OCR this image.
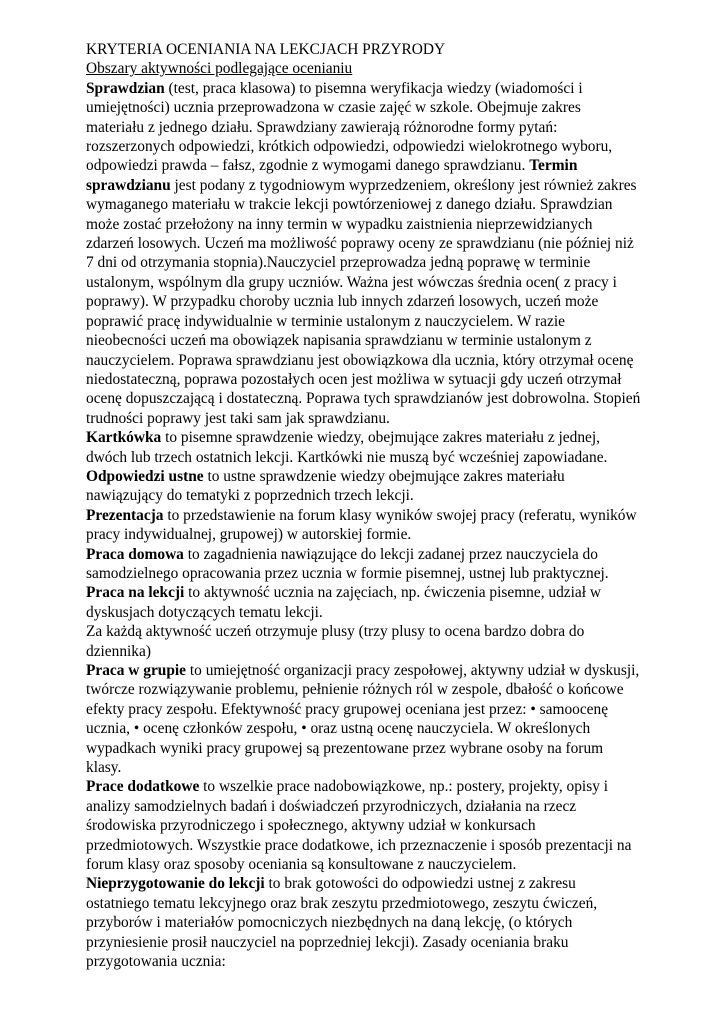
KRYTERIA OCENIANIA NA LEKCJACH PRZYRODY

Obszary aktywności podlegające ocenianiu

Sprawdzian (test, praca klasowa) to pisemna weryfikacja wiedzy (wiadomości i umiejętności) ucznia przeprowadzona w czasie zajęć w szkole. Obejmuje zakres materiału z jednego działu. Sprawdziany zawierają różnorodne formy pytań: rozszerzonych odpowiedzi, krótkich odpowiedzi, odpowiedzi wielokrotnego wyboru, odpowiedzi prawda – fałsz, zgodnie z wymogami danego sprawdzianu. Termin sprawdzianu jest podany z tygodniowym wyprzedzeniem, określony jest również zakres wymaganego materiału w trakcie lekcji powtórzeniowej z danego działu. Sprawdzian może zostać przełożony na inny termin w wypadku zaistnienia nieprzewidzianych zdarzeń losowych. Uczeń ma możliwość poprawy oceny ze sprawdzianu (nie później niż 7 dni od otrzymania stopnia).Nauczyciel przeprowadza jedną poprawę w terminie ustalonym, wspólnym dla grupy uczniów. Ważna jest wówczas średnia ocen( z pracy i poprawy). W przypadku choroby ucznia lub innych zdarzeń losowych, uczeń może poprawić pracę indywidualnie w terminie ustalonym z nauczycielem. W razie nieobecności uczeń ma obowiązek napisania sprawdzianu w terminie ustalonym z nauczycielem. Poprawa sprawdzianu jest obowiązkowa dla ucznia, który otrzymał ocenę niedostateczną, poprawa pozostałych ocen jest możliwa w sytuacji gdy uczeń otrzymał ocenę dopuszczającą i dostateczną. Poprawa tych sprawdzianów jest dobrowolna. Stopień trudności poprawy jest taki sam jak sprawdzianu.

Kartkówka to pisemne sprawdzenie wiedzy, obejmujące zakres materiału z jednej, dwóch lub trzech ostatnich lekcji. Kartkówki nie muszą być wcześniej zapowiadane.

Odpowiedzi ustne to ustne sprawdzenie wiedzy obejmujące zakres materiału nawiązujący do tematyki z poprzednich trzech lekcji.

Prezentacja to przedstawienie na forum klasy wyników swojej pracy (referatu, wyników pracy indywidualnej, grupowej) w autorskiej formie.

Praca domowa to zagadnienia nawiązujące do lekcji zadanej przez nauczyciela do samodzielnego opracowania przez ucznia w formie pisemnej, ustnej lub praktycznej.

Praca na lekcji to aktywność ucznia na zajęciach, np. ćwiczenia pisemne, udział w dyskusjach dotyczących tematu lekcji.

Za każdą aktywność uczeń otrzymuje plusy (trzy plusy to ocena bardzo dobra do dziennika)

Praca w grupie to umiejętność organizacji pracy zespołowej, aktywny udział w dyskusji, twórcze rozwiązywanie problemu, pełnienie różnych ról w zespole, dbałość o końcowe efekty pracy zespołu. Efektywność pracy grupowej oceniana jest przez: • samoocenę ucznia, • ocenę członków zespołu, • oraz ustną ocenę nauczyciela. W określonych wypadkach wyniki pracy grupowej są prezentowane przez wybrane osoby na forum klasy.

Prace dodatkowe to wszelkie prace nadobowiązkowe, np.: postery, projekty, opisy i analizy samodzielnych badań i doświadczeń przyrodniczych, działania na rzecz środowiska przyrodniczego i społecznego, aktywny udział w konkursach przedmiotowych. Wszystkie prace dodatkowe, ich przeznaczenie i sposób prezentacji na forum klasy oraz sposoby oceniania są konsultowane z nauczycielem.

Nieprzygotowanie do lekcji to brak gotowości do odpowiedzi ustnej z zakresu ostatniego tematu lekcyjnego oraz brak zeszytu przedmiotowego, zeszytu ćwiczeń, przyborów i materiałów pomocniczych niezbędnych na daną lekcję, (o których przyniesienie prosił nauczyciel na poprzedniej lekcji). Zasady oceniania braku przygotowania ucznia:
